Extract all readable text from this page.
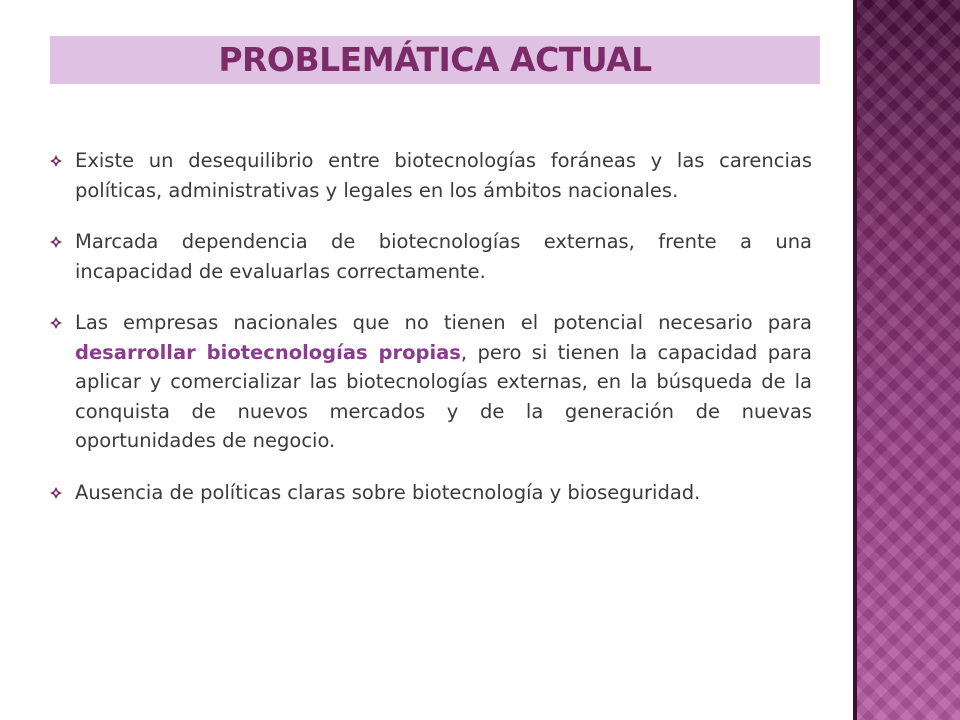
PROBLEMÁTICA ACTUAL
Existe un desequilibrio entre biotecnologías foráneas y las carencias políticas, administrativas y legales en los ámbitos nacionales.
Marcada dependencia de biotecnologías externas, frente a una incapacidad de evaluarlas correctamente.
Las empresas nacionales que no tienen el potencial necesario para desarrollar biotecnologías propias, pero si tienen la capacidad para aplicar y comercializar las biotecnologías externas, en la búsqueda de la conquista de nuevos mercados y de la generación de nuevas oportunidades de negocio.
Ausencia de políticas claras sobre biotecnología y bioseguridad.
